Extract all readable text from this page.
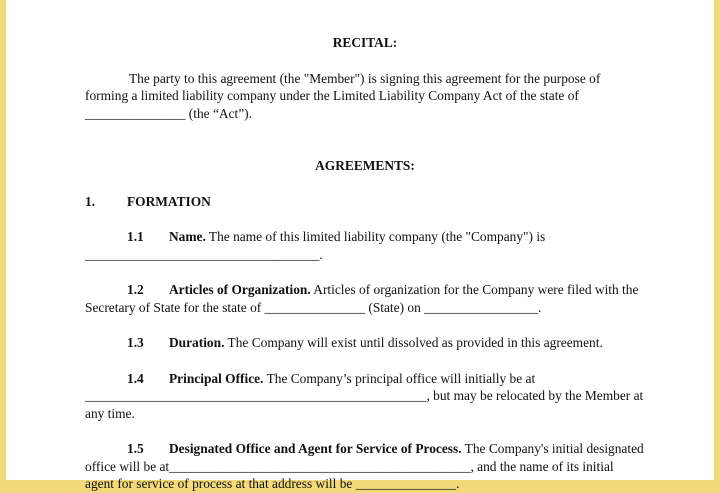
RECITAL:

The party to this agreement (the "Member") is signing this agreement for the purpose of forming a limited liability company under the Limited Liability Company Act of the state of _______________ (the “Act”).

AGREEMENTS:
1.	FORMATION

1.1 Name. The name of this limited liability company (the "Company") is ___________________________________.

1.2 Articles of Organization. Articles of organization for the Company were filed with the Secretary of State for the state of _______________ (State) on _________________.

1.3 Duration. The Company will exist until dissolved as provided in this agreement.

1.4 Principal Office. The Company’s principal office will initially be at ___________________________________________________, but may be relocated by the Member at any time.

1.5 Designated Office and Agent for Service of Process. The Company's initial designated office will be at_____________________________________________, and the name of its initial agent for service of process at that address will be _______________.
